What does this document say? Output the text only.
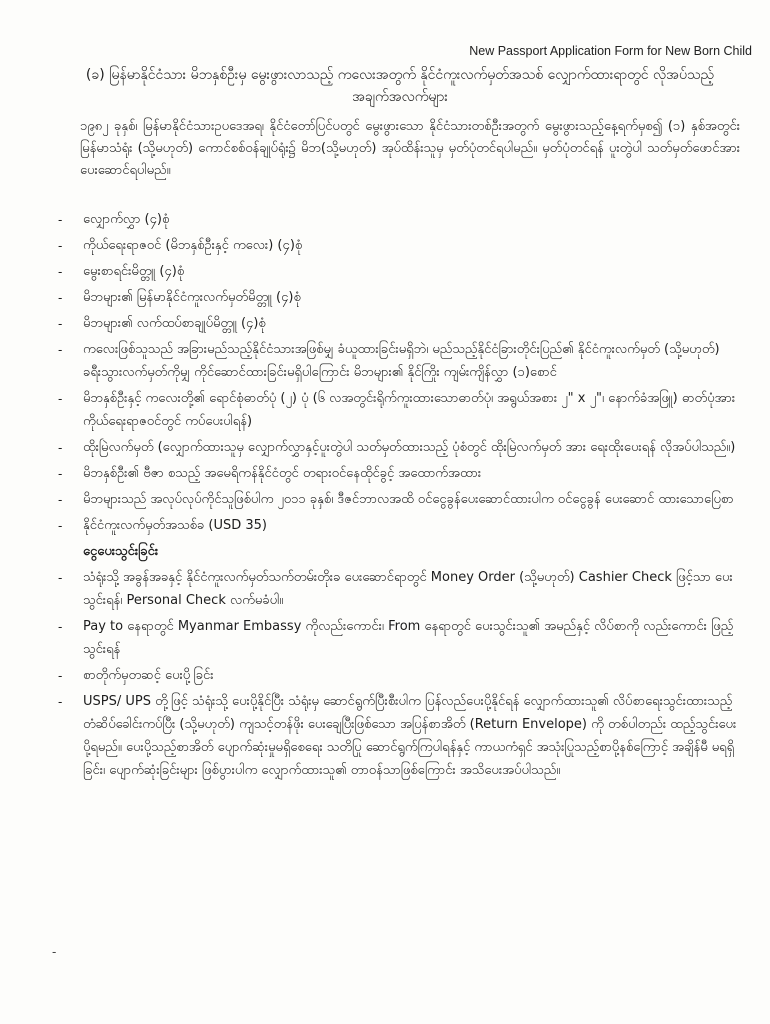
New Passport Application Form for New Born Child
(ခ) မြန်မာနိုင်ငံသား မိဘနှစ်ဦးမှ မွေးဖွားလာသည့် ကလေးအတွက် နိုင်ငံကူးလက်မှတ်အသစ် လျှောက်ထားရာတွင် လိုအပ်သည့်အချက်အလက်များ
၁၉၈၂ ခုနှစ်၊ မြန်မာနိုင်ငံသားဥပဒေအရ၊ နိုင်ငံတော်ပြင်ပတွင် မွေးဖွားသော နိုင်ငံသားတစ်ဦးအတွက် မွေးဖွားသည့်နေ့ရက်မှစ၍ (၁) နှစ်အတွင်း မြန်မာသံရုံး (သို့မဟုတ်) ကောင်စစ်ဝန်ချုပ်ရုံး၌ မိဘ(သို့မဟုတ်) အုပ်ထိန်းသူမှ မှတ်ပုံတင်ရပါမည်။ မှတ်ပုံတင်ရန် ပူးတွဲပါ သတ်မှတ်ဖောင်အား ပေးဆောင်ရပါမည်။
- လျှောက်လွှာ (၄)စုံ
- ကိုယ်ရေးရာဇဝင် (မိဘနှစ်ဦးနှင့် ကလေး) (၄)စုံ
- မွေးစာရင်းမိတ္တူ (၄)စုံ
- မိဘများ၏ မြန်မာနိုင်ငံကူးလက်မှတ်မိတ္တူ (၄)စုံ
- မိဘများ၏ လက်ထပ်စာချုပ်မိတ္တူ (၄)စုံ
- ကလေးဖြစ်သူသည် အခြားမည်သည့်နိုင်ငံသားအဖြစ်မျှ ခံယူထားခြင်းမရှိဘဲ၊ မည်သည့်နိုင်ငံခြားတိုင်းပြည်၏ နိုင်ငံကူးလက်မှတ် (သို့မဟုတ်) ခရီးသွားလက်မှတ်ကိုမျှ ကိုင်ဆောင်ထားခြင်းမရှိပါကြောင်း မိဘများ၏ နိုင်ကြိုး ကျမ်းကျိန်လွှာ (၁)စောင်
- မိဘနှစ်ဦးနှင့် ကလေးတို့၏ ရောင်စုံဓာတ်ပုံ (၂) ပုံ (၆ လအတွင်းရိုက်ကူးထားသောဓာတ်ပုံ၊ အရွယ်အစား ၂" x ၂"၊ နောက်ခံအဖြူ) ဓာတ်ပုံအား ကိုယ်ရေးရာဇဝင်တွင် ကပ်ပေးပါရန်)
- ထိုးမြဲလက်မှတ် (လျှောက်ထားသူမှ လျှောက်လွှာနှင့်ပူးတွဲပါ သတ်မှတ်ထားသည့် ပုံစံတွင် ထိုးမြဲလက်မှတ် အား ရေးထိုးပေးရန် လိုအပ်ပါသည်။)
- မိဘနှစ်ဦး၏ ဗီဇာ စသည့် အမေရိကန်နိုင်ငံတွင် တရားဝင်နေထိုင်ခွင့် အထောက်အထား
- မိဘများသည် အလုပ်လုပ်ကိုင်သူဖြစ်ပါက ၂၀၁၁ ခုနှစ်၊ ဒီဇင်ဘာလအထိ ဝင်ငွေခွန်ပေးဆောင်ထားပါက ဝင်ငွေခွန် ပေးဆောင် ထားသောပြေစာ
- နိုင်ငံကူးလက်မှတ်အသစ်ခ (USD 35)
ငွေပေးသွင်းခြင်း
- သံရုံးသို့ အခွန်အခနှင့် နိုင်ငံကူးလက်မှတ်သက်တမ်းတိုးခ ပေးဆောင်ရာတွင် Money Order (သို့မဟုတ်) Cashier Check ဖြင့်သာ ပေးသွင်းရန်၊ Personal Check လက်မခံပါ။
- Pay to နေရာတွင် Myanmar Embassy ကိုလည်းကောင်း၊ From နေရာတွင် ပေးသွင်းသူ၏ အမည်နှင့် လိပ်စာကို လည်းကောင်း ဖြည့်သွင်းရန်
- စာတိုက်မှတဆင့် ပေးပို့ခြင်း
- USPS/ UPS တို့ဖြင့် သံရုံးသို့ ပေးပို့နိုင်ပြီး သံရုံးမှ ဆောင်ရွက်ပြီးစီးပါက ပြန်လည်ပေးပို့နိုင်ရန် လျှောက်ထားသူ၏ လိပ်စာရေးသွင်းထားသည့် တံဆိပ်ခေါင်းကပ်ပြီး (သို့မဟုတ်) ကျသင့်တန်ဖိုး ပေးချေပြီးဖြစ်သော အပြန်စာအိတ် (Return Envelope) ကို တစ်ပါတည်း ထည့်သွင်းပေးပို့ရမည်။ ပေးပို့သည့်စာအိတ် ပျောက်ဆုံးမှုမရှိစေရေး သတိပြု ဆောင်ရွက်ကြပါရန်နှင့် ကာယကံရှင် အသုံးပြုသည့်စာပို့နစ်ကြောင့် အချိန်မီ မရရှိခြင်း၊ ပျောက်ဆုံးခြင်းများ ဖြစ်ပွားပါက လျှောက်ထားသူ၏ တာဝန်သာဖြစ်ကြောင်း အသိပေးအပ်ပါသည်။
-
